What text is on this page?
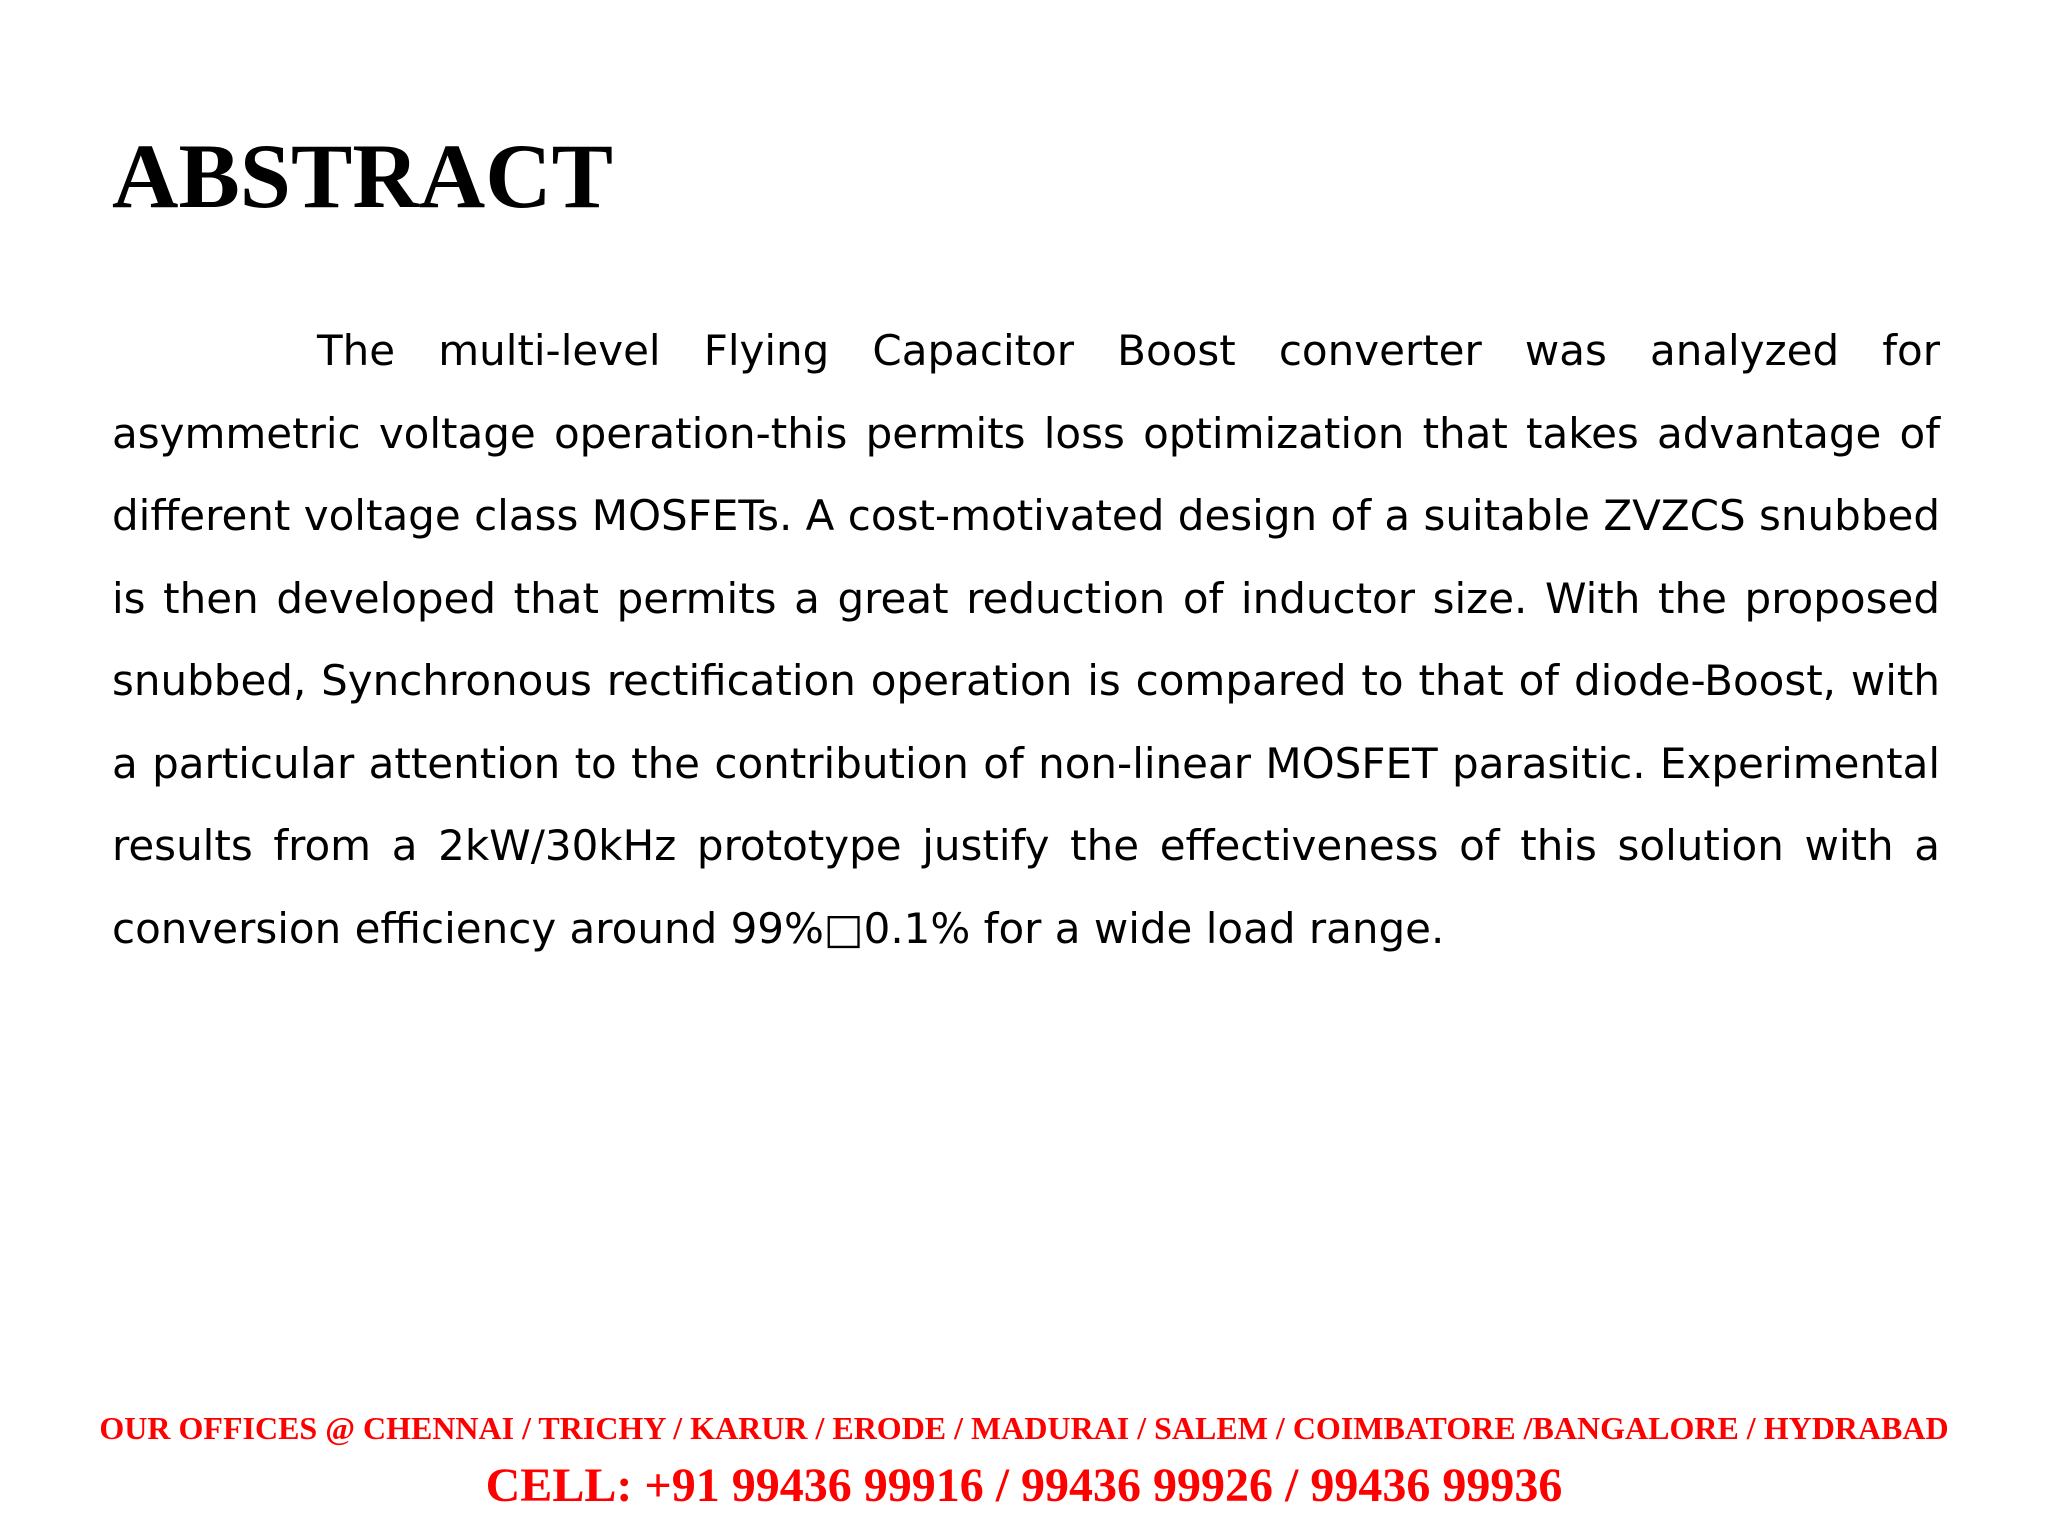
ABSTRACT

The multi-level Flying Capacitor Boost converter was analyzed for asymmetric voltage operation-this permits loss optimization that takes advantage of different voltage class MOSFETs. A cost-motivated design of a suitable ZVZCS snubbed is then developed that permits a great reduction of inductor size. With the proposed snubbed, Synchronous rectification operation is compared to that of diode-Boost, with a particular attention to the contribution of non-linear MOSFET parasitic. Experimental results from a 2kW/30kHz prototype justify the effectiveness of this solution with a conversion efficiency around 99%□0.1% for a wide load range.

OUR OFFICES @ CHENNAI / TRICHY / KARUR / ERODE / MADURAI / SALEM / COIMBATORE /BANGALORE / HYDRABAD
CELL: +91 99436 99916 / 99436 99926 / 99436 99936
